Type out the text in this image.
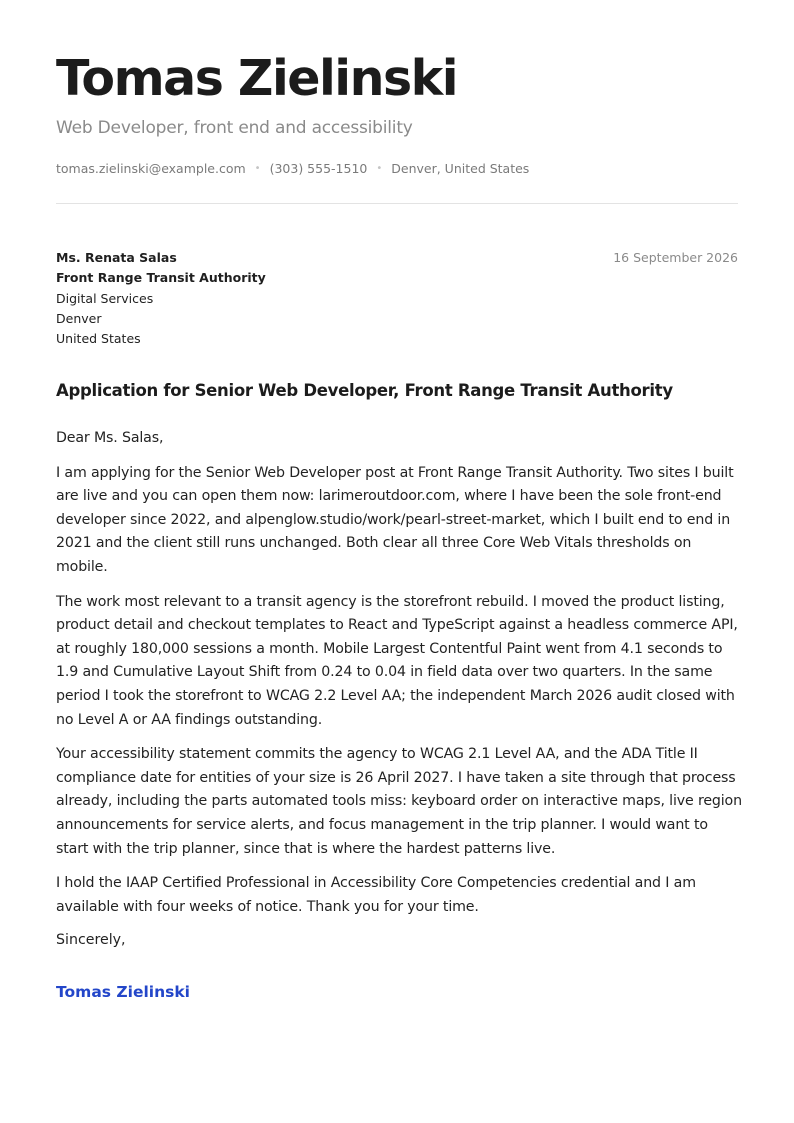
Tomas Zielinski
Web Developer, front end and accessibility
tomas.zielinski@example.com • (303) 555-1510 • Denver, United States
Ms. Renata Salas
Front Range Transit Authority
Digital Services
Denver
United States
16 September 2026
Application for Senior Web Developer, Front Range Transit Authority

Dear Ms. Salas,

I am applying for the Senior Web Developer post at Front Range Transit Authority. Two sites I built are live and you can open them now: larimeroutdoor.com, where I have been the sole front-end developer since 2022, and alpenglow.studio/work/pearl-street-market, which I built end to end in 2021 and the client still runs unchanged. Both clear all three Core Web Vitals thresholds on mobile.

The work most relevant to a transit agency is the storefront rebuild. I moved the product listing, product detail and checkout templates to React and TypeScript against a headless commerce API, at roughly 180,000 sessions a month. Mobile Largest Contentful Paint went from 4.1 seconds to 1.9 and Cumulative Layout Shift from 0.24 to 0.04 in field data over two quarters. In the same period I took the storefront to WCAG 2.2 Level AA; the independent March 2026 audit closed with no Level A or AA findings outstanding.

Your accessibility statement commits the agency to WCAG 2.1 Level AA, and the ADA Title II compliance date for entities of your size is 26 April 2027. I have taken a site through that process already, including the parts automated tools miss: keyboard order on interactive maps, live region announcements for service alerts, and focus management in the trip planner. I would want to start with the trip planner, since that is where the hardest patterns live.

I hold the IAAP Certified Professional in Accessibility Core Competencies credential and I am available with four weeks of notice. Thank you for your time.

Sincerely,
Tomas Zielinski
